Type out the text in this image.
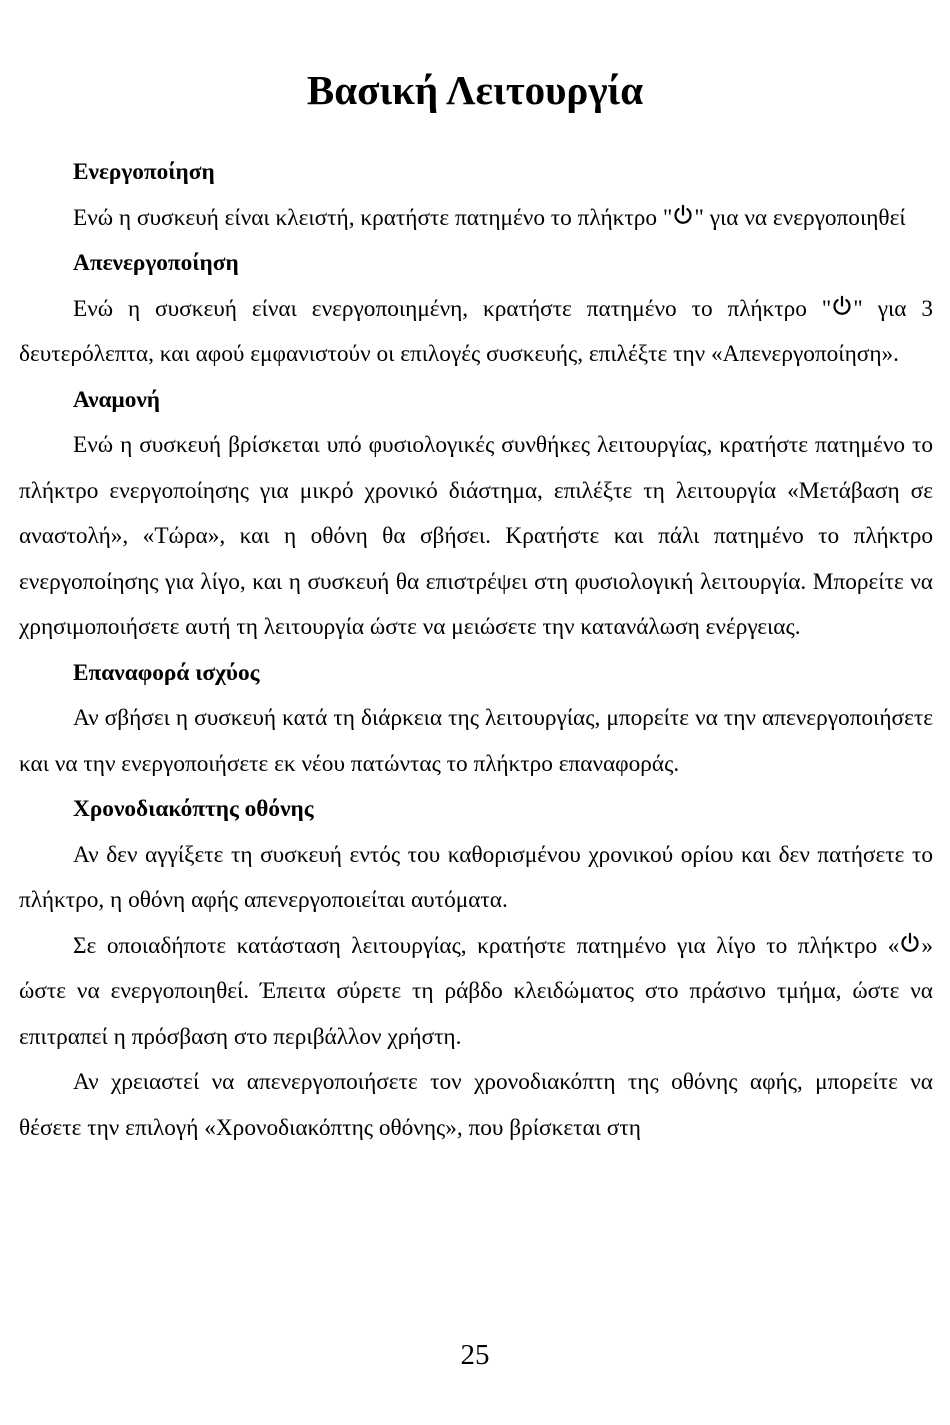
Βασική Λειτουργία

Ενεργοποίηση

Ενώ η συσκευή είναι κλειστή, κρατήστε πατημένο το πλήκτρο " " για να ενεργοποιηθεί

Απενεργοποίηση

Ενώ η συσκευή είναι ενεργοποιημένη, κρατήστε πατημένο το πλήκτρο " " για 3 δευτερόλεπτα, και αφού εμφανιστούν οι επιλογές συσκευής, επιλέξτε την «Απενεργοποίηση».

Αναμονή

Ενώ η συσκευή βρίσκεται υπό φυσιολογικές συνθήκες λειτουργίας, κρατήστε πατημένο το πλήκτρο ενεργοποίησης για μικρό χρονικό διάστημα, επιλέξτε τη λειτουργία «Μετάβαση σε αναστολή», «Τώρα», και η οθόνη θα σβήσει. Κρατήστε και πάλι πατημένο το πλήκτρο ενεργοποίησης για λίγο, και η συσκευή θα επιστρέψει στη φυσιολογική λειτουργία. Μπορείτε να χρησιμοποιήσετε αυτή τη λειτουργία ώστε να μειώσετε την κατανάλωση ενέργειας.

Επαναφορά ισχύος

Αν σβήσει η συσκευή κατά τη διάρκεια της λειτουργίας, μπορείτε να την απενεργοποιήσετε και να την ενεργοποιήσετε εκ νέου πατώντας το πλήκτρο επαναφοράς.

Χρονοδιακόπτης οθόνης

Αν δεν αγγίξετε τη συσκευή εντός του καθορισμένου χρονικού ορίου και δεν πατήσετε το πλήκτρο, η οθόνη αφής απενεργοποιείται αυτόματα.

Σε οποιαδήποτε κατάσταση λειτουργίας, κρατήστε πατημένο για λίγο το πλήκτρο « » ώστε να ενεργοποιηθεί. Έπειτα σύρετε τη ράβδο κλειδώματος στο πράσινο τμήμα, ώστε να επιτραπεί η πρόσβαση στο περιβάλλον χρήστη.

Αν χρειαστεί να απενεργοποιήσετε τον χρονοδιακόπτη της οθόνης αφής, μπορείτε να θέσετε την επιλογή «Χρονοδιακόπτης οθόνης», που βρίσκεται στη

25
